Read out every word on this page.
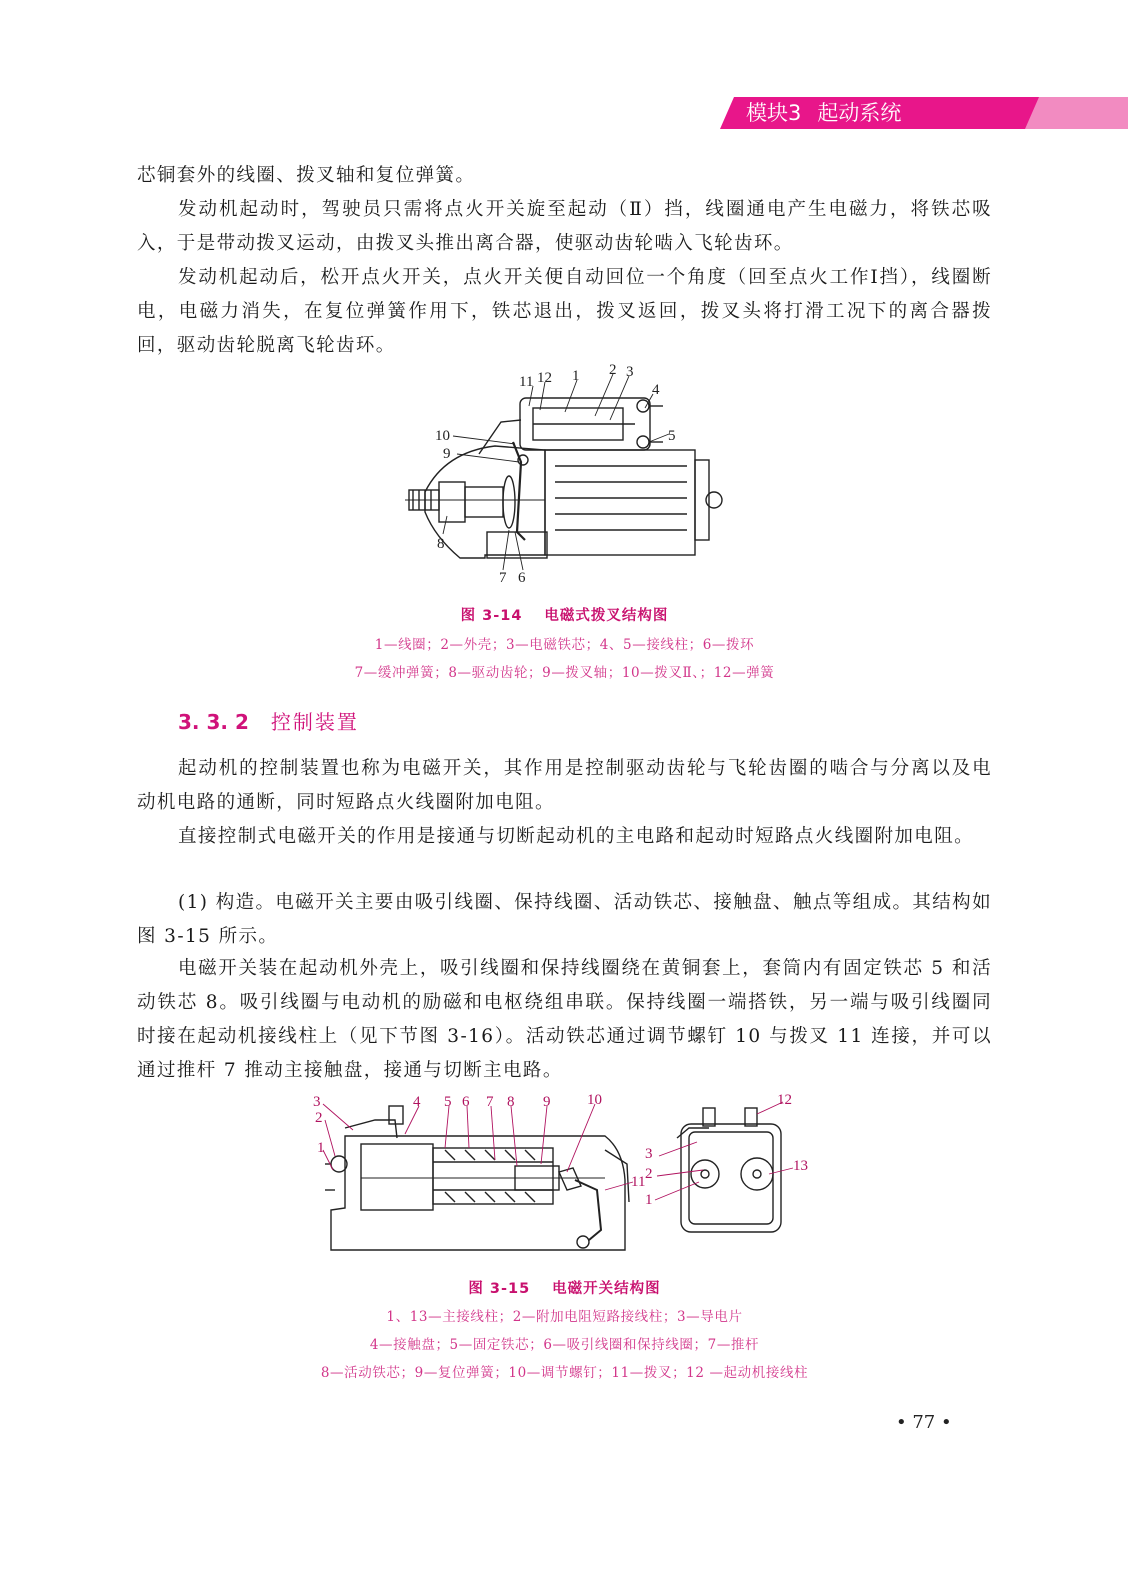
模块3 起动系统

芯铜套外的线圈、拨叉轴和复位弹簧。

发动机起动时，驾驶员只需将点火开关旋至起动（Ⅱ）挡，线圈通电产生电磁力，将铁芯吸入，于是带动拨叉运动，由拨叉头推出离合器，使驱动齿轮啮入飞轮齿环。

发动机起动后，松开点火开关，点火开关便自动回位一个角度（回至点火工作Ⅰ挡），线圈断电，电磁力消失，在复位弹簧作用下，铁芯退出，拨叉返回，拨叉头将打滑工况下的离合器拨回，驱动齿轮脱离飞轮齿环。

11 12 1 2 3
4
5
10
9
8
7 6
图 3-14 电磁式拨叉结构图
1—线圈；2—外壳；3—电磁铁芯；4、5—接线柱；6—拨环
7—缓冲弹簧；8—驱动齿轮；9—拨叉轴；10—拨叉Ⅱ、；12—弹簧
3. 3. 2 控制装置

起动机的控制装置也称为电磁开关，其作用是控制驱动齿轮与飞轮齿圈的啮合与分离以及电动机电路的通断，同时短路点火线圈附加电阻。

直接控制式电磁开关的作用是接通与切断起动机的主电路和起动时短路点火线圈附加电阻。

(1) 构造。电磁开关主要由吸引线圈、保持线圈、活动铁芯、接触盘、触点等组成。其结构如图 3-15 所示。

电磁开关装在起动机外壳上，吸引线圈和保持线圈绕在黄铜套上，套筒内有固定铁芯 5 和活动铁芯 8。吸引线圈与电动机的励磁和电枢绕组串联。保持线圈一端搭铁，另一端与吸引线圈同时接在起动机接线柱上（见下节图 3-16）。活动铁芯通过调节螺钉 10 与拨叉 11 连接，并可以通过推杆 7 推动主接触盘，接通与切断主电路。

3
2
1
4 5 6 7 8 9 10
11
12
3
2
1
13
图 3-15 电磁开关结构图
1、13—主接线柱；2—附加电阻短路接线柱；3—导电片
4—接触盘；5—固定铁芯；6—吸引线圈和保持线圈；7—推杆
8—活动铁芯；9—复位弹簧；10—调节螺钉；11—拨叉；12 —起动机接线柱
• 77 •
